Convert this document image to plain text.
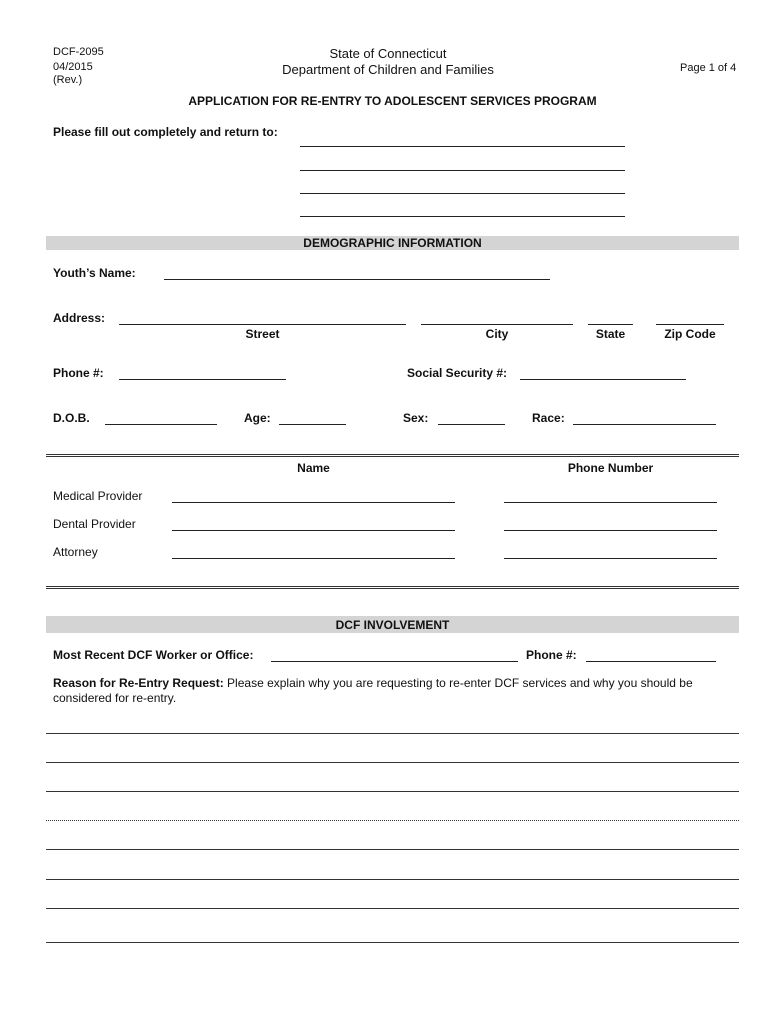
DCF-2095
04/2015
(Rev.)
State of Connecticut
Department of Children and Families	Page 1 of 4
APPLICATION FOR RE-ENTRY TO ADOLESCENT SERVICES PROGRAM
Please fill out completely and return to:
DEMOGRAPHIC INFORMATION
Youth’s Name:
Address:
Street	City	State	Zip Code
Phone #:	Social Security #:
D.O.B.	Age:	Sex:	Race:
Name	Phone Number
Medical Provider
Dental Provider
Attorney
DCF INVOLVEMENT
Most Recent DCF Worker or Office:	Phone #:
Reason for Re-Entry Request: Please explain why you are requesting to re-enter DCF services and why you should be
considered for re-entry.
